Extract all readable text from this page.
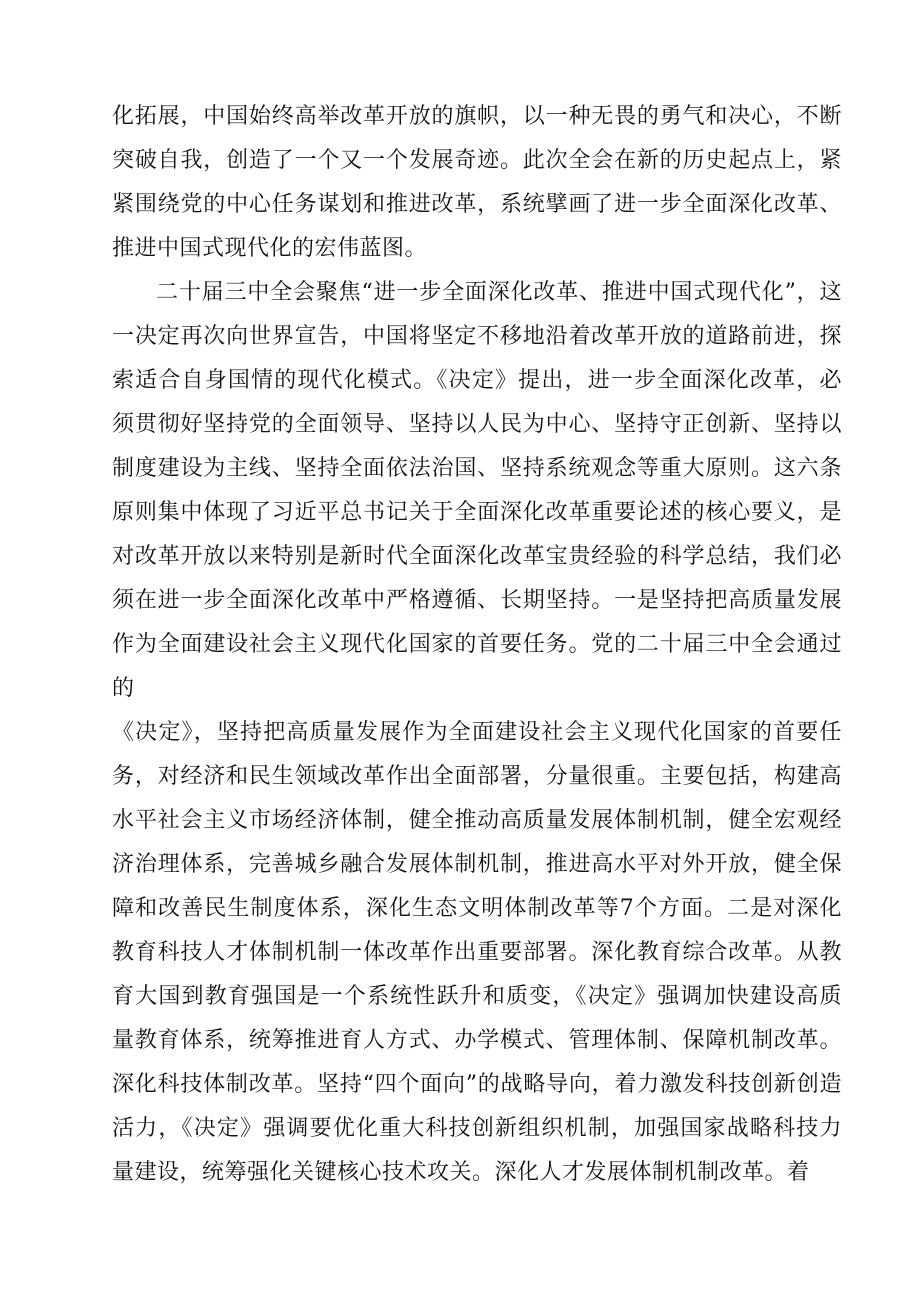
化拓展，中国始终高举改革开放的旗帜，以一种无畏的勇气和决心，不断突破自我，创造了一个又一个发展奇迹。此次全会在新的历史起点上，紧紧围绕党的中心任务谋划和推进改革，系统擘画了进一步全面深化改革、推进中国式现代化的宏伟蓝图。

二十届三中全会聚焦“进一步全面深化改革、推进中国式现代化”，这一决定再次向世界宣告，中国将坚定不移地沿着改革开放的道路前进，探索适合自身国情的现代化模式。《决定》提出，进一步全面深化改革，必须贯彻好坚持党的全面领导、坚持以人民为中心、坚持守正创新、坚持以制度建设为主线、坚持全面依法治国、坚持系统观念等重大原则。这六条原则集中体现了习近平总书记关于全面深化改革重要论述的核心要义，是对改革开放以来特别是新时代全面深化改革宝贵经验的科学总结，我们必须在进一步全面深化改革中严格遵循、长期坚持。一是坚持把高质量发展作为全面建设社会主义现代化国家的首要任务。党的二十届三中全会通过的

《决定》，坚持把高质量发展作为全面建设社会主义现代化国家的首要任务，对经济和民生领域改革作出全面部署，分量很重。主要包括，构建高水平社会主义市场经济体制，健全推动高质量发展体制机制，健全宏观经济治理体系，完善城乡融合发展体制机制，推进高水平对外开放，健全保障和改善民生制度体系，深化生态文明体制改革等7个方面。二是对深化教育科技人才体制机制一体改革作出重要部署。深化教育综合改革。从教育大国到教育强国是一个系统性跃升和质变，《决定》强调加快建设高质量教育体系，统筹推进育人方式、办学模式、管理体制、保障机制改革。深化科技体制改革。坚持“四个面向”的战略导向，着力激发科技创新创造活力，《决定》强调要优化重大科技创新组织机制，加强国家战略科技力量建设，统筹强化关键核心技术攻关。深化人才发展体制机制改革。着
